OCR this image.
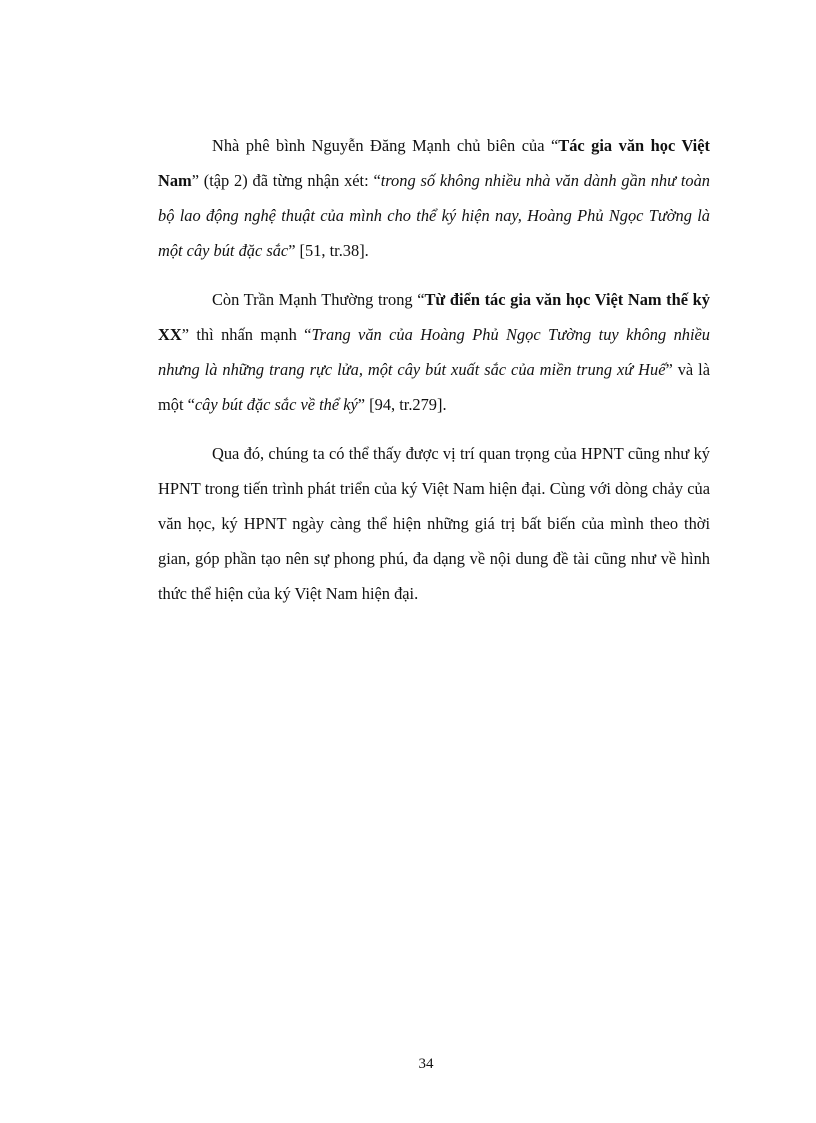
Nhà phê bình Nguyễn Đăng Mạnh chủ biên của “Tác gia văn học Việt Nam” (tập 2) đã từng nhận xét: “trong số không nhiều nhà văn dành gần như toàn bộ lao động nghệ thuật của mình cho thể ký hiện nay, Hoàng Phủ Ngọc Tường là một cây bút đặc sắc” [51, tr.38].

Còn Trần Mạnh Thường trong “Từ điển tác gia văn học Việt Nam thế kỷ XX” thì nhấn mạnh “Trang văn của Hoàng Phủ Ngọc Tường tuy không nhiều nhưng là những trang rực lửa, một cây bút xuất sắc của miền trung xứ Huế” và là một “cây bút đặc sắc về thể ký” [94, tr.279].

Qua đó, chúng ta có thể thấy được vị trí quan trọng của HPNT cũng như ký HPNT trong tiến trình phát triển của ký Việt Nam hiện đại. Cùng với dòng chảy của văn học, ký HPNT ngày càng thể hiện những giá trị bất biến của mình theo thời gian, góp phần tạo nên sự phong phú, đa dạng về nội dung đề tài cũng như về hình thức thể hiện của ký Việt Nam hiện đại.

34
